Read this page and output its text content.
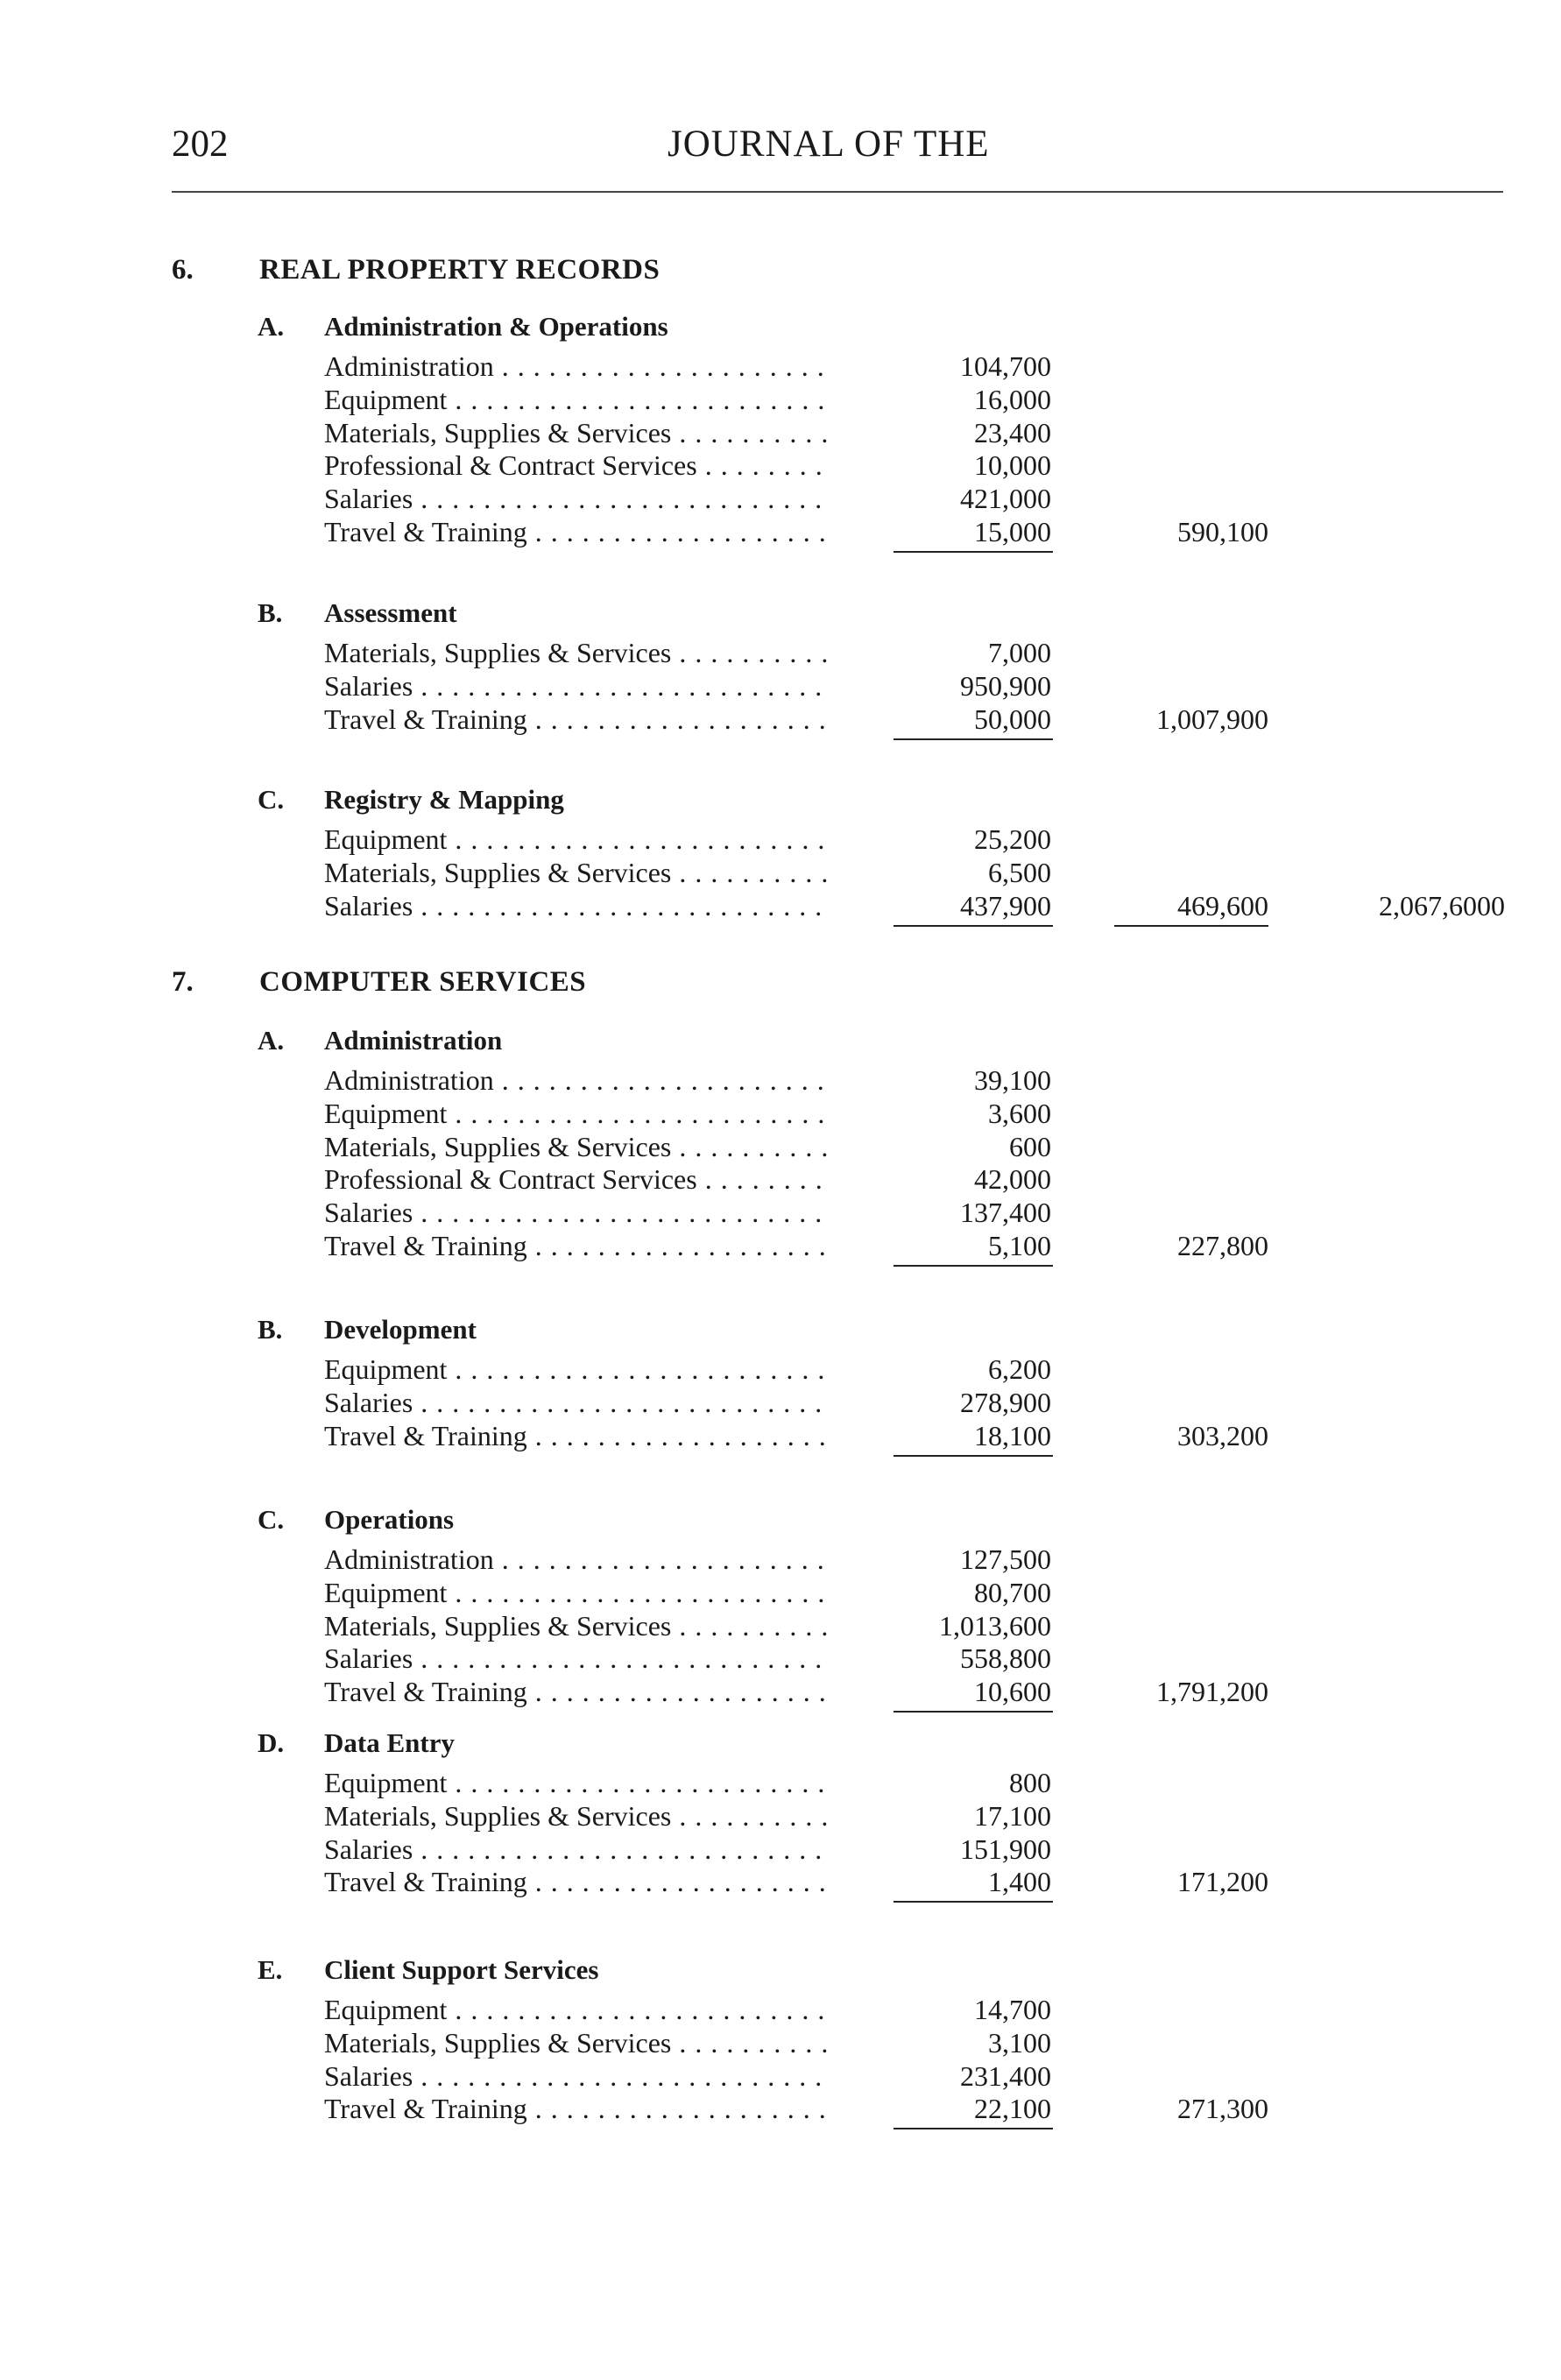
202	JOURNAL OF THE
6. REAL PROPERTY RECORDS
A. Administration & Operations
Administration . . .	104,700
Equipment . . .	16,000
Materials, Supplies & Services . . .	23,400
Professional & Contract Services . . .	10,000
Salaries . . .	421,000
Travel & Training . . .	15,000	590,100
B. Assessment
Materials, Supplies & Services . . .	7,000
Salaries . . .	950,900
Travel & Training . . .	50,000	1,007,900
C. Registry & Mapping
Equipment . . .	25,200
Materials, Supplies & Services . . .	6,500
Salaries . . .	437,900	469,600	2,067,6000
7. COMPUTER SERVICES
A. Administration
Administration . . .	39,100
Equipment . . .	3,600
Materials, Supplies & Services . . .	600
Professional & Contract Services . . .	42,000
Salaries . . .	137,400
Travel & Training . . .	5,100	227,800
B. Development
Equipment . . .	6,200
Salaries . . .	278,900
Travel & Training . . .	18,100	303,200
C. Operations
Administration . . .	127,500
Equipment . . .	80,700
Materials, Supplies & Services . . .	1,013,600
Salaries . . .	558,800
Travel & Training . . .	10,600	1,791,200
D. Data Entry
Equipment . . .	800
Materials, Supplies & Services . . .	17,100
Salaries . . .	151,900
Travel & Training . . .	1,400	171,200
E. Client Support Services
Equipment . . .	14,700
Materials, Supplies & Services . . .	3,100
Salaries . . .	231,400
Travel & Training . . .	22,100	271,300
